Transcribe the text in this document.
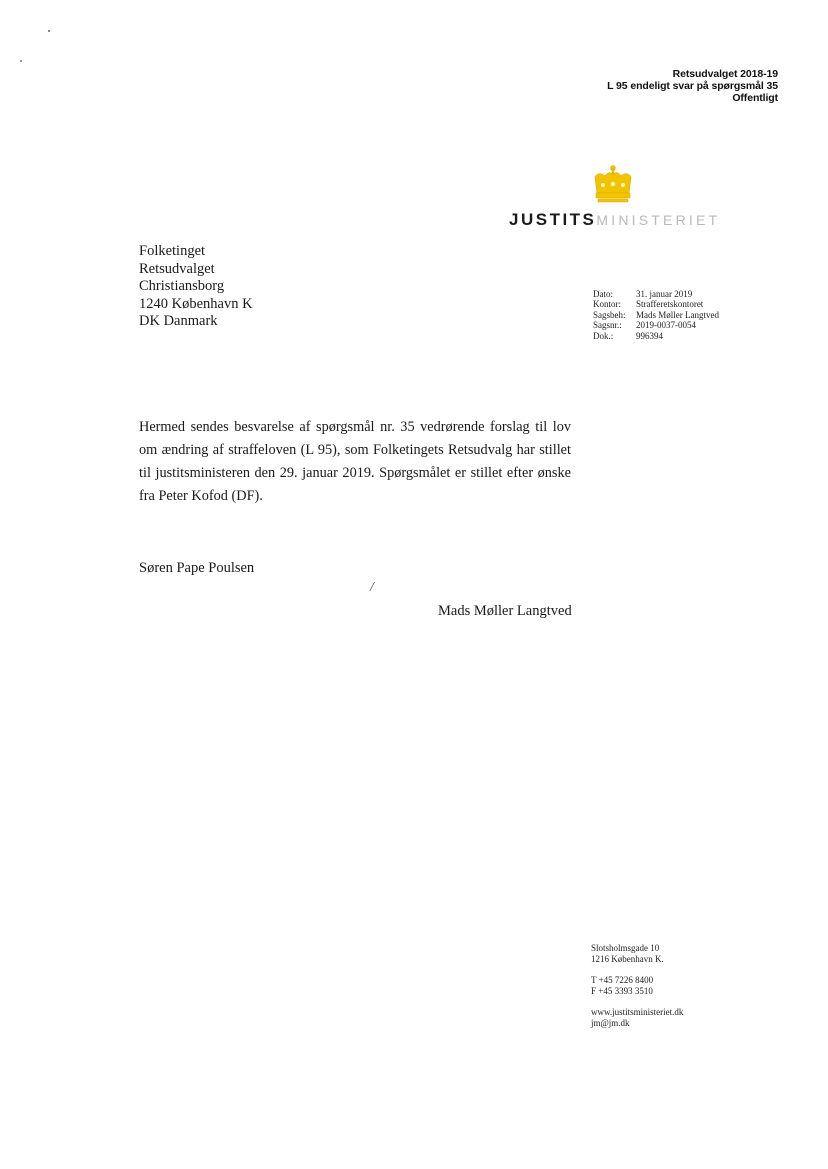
Retsudvalget 2018-19
L 95 endeligt svar på spørgsmål 35
Offentligt
JUSTITSMINISTERIET
Folketinget
Retsudvalget
Christiansborg
1240 København K
DK Danmark
Dato:	31. januar 2019
Kontor:	Strafferetskontoret
Sagsbeh:	Mads Møller Langtved
Sagsnr.:	2019-0037-0054
Dok.:	996394
Hermed sendes besvarelse af spørgsmål nr. 35 vedrørende forslag til lov om ændring af straffeloven (L 95), som Folketingets Retsudvalg har stillet til justitsministeren den 29. januar 2019. Spørgsmålet er stillet efter ønske fra Peter Kofod (DF).
Søren Pape Poulsen
/
Mads Møller Langtved
Slotsholmsgade 10
1216 København K.
T +45 7226 8400
F +45 3393 3510
www.justitsministeriet.dk
jm@jm.dk
